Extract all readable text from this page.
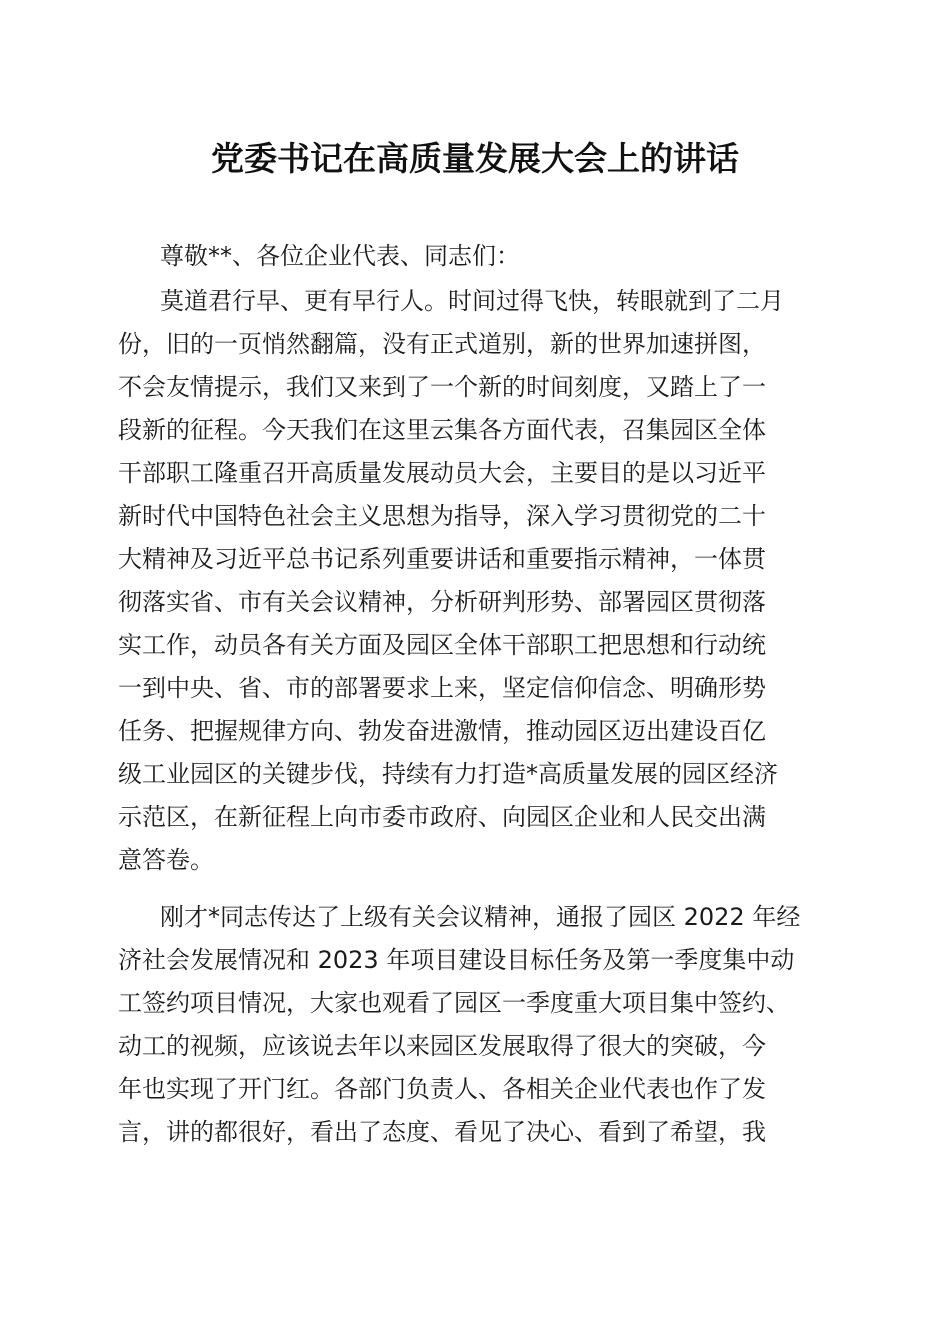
党委书记在高质量发展大会上的讲话

尊敬**、各位企业代表、同志们：

莫道君行早、更有早行人。时间过得飞快，转眼就到了二月

份，旧的一页悄然翻篇，没有正式道别，新的世界加速拼图，

不会友情提示，我们又来到了一个新的时间刻度，又踏上了一

段新的征程。今天我们在这里云集各方面代表，召集园区全体

干部职工隆重召开高质量发展动员大会，主要目的是以习近平

新时代中国特色社会主义思想为指导，深入学习贯彻党的二十

大精神及习近平总书记系列重要讲话和重要指示精神，一体贯

彻落实省、市有关会议精神，分析研判形势、部署园区贯彻落

实工作，动员各有关方面及园区全体干部职工把思想和行动统

一到中央、省、市的部署要求上来，坚定信仰信念、明确形势

任务、把握规律方向、勃发奋进激情，推动园区迈出建设百亿

级工业园区的关键步伐，持续有力打造*高质量发展的园区经济

示范区，在新征程上向市委市政府、向园区企业和人民交出满

意答卷。

刚才*同志传达了上级有关会议精神，通报了园区 2022 年经

济社会发展情况和 2023 年项目建设目标任务及第一季度集中动

工签约项目情况，大家也观看了园区一季度重大项目集中签约、

动工的视频，应该说去年以来园区发展取得了很大的突破，今

年也实现了开门红。各部门负责人、各相关企业代表也作了发

言，讲的都很好，看出了态度、看见了决心、看到了希望，我
